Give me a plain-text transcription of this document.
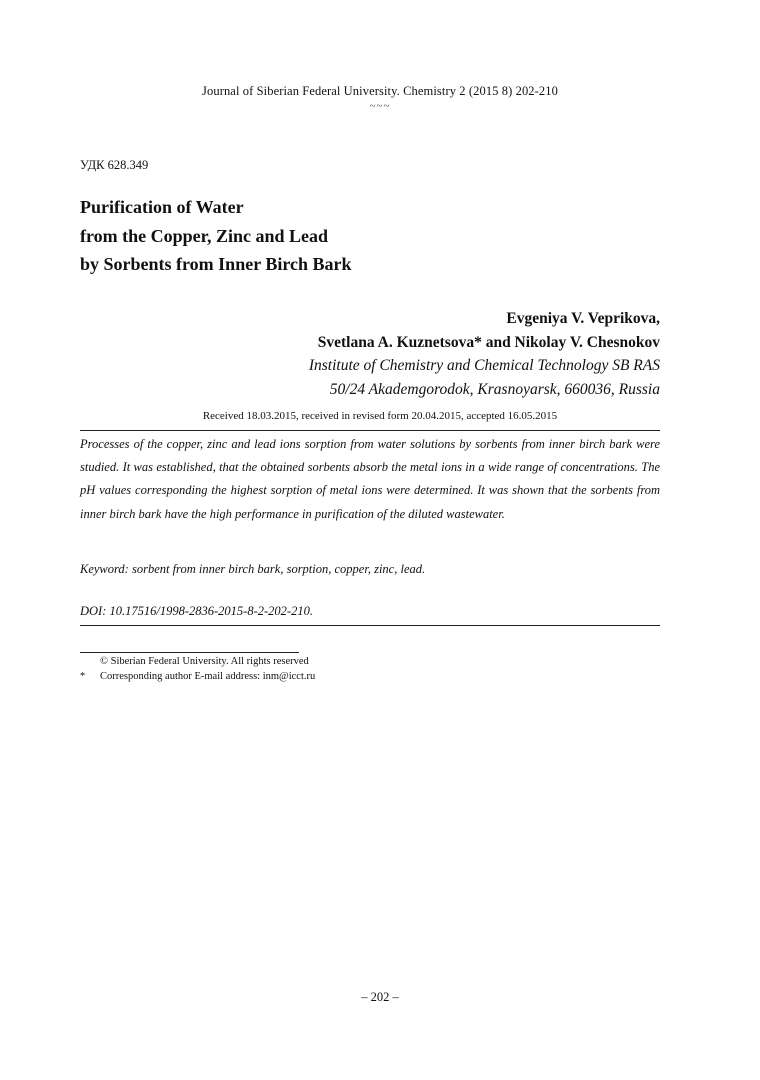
Journal of Siberian Federal University. Chemistry 2 (2015 8) 202-210
~~~
УДК 628.349
Purification of Water
from the Copper, Zinc and Lead
by Sorbents from Inner Birch Bark
Evgeniya V. Veprikova,
Svetlana A. Kuznetsova* and Nikolay V. Chesnokov
Institute of Chemistry and Chemical Technology SB RAS
50/24 Akademgorodok, Krasnoyarsk, 660036, Russia
Received 18.03.2015, received in revised form 20.04.2015, accepted 16.05.2015
Processes of the copper, zinc and lead ions sorption from water solutions by sorbents from inner birch bark were studied. It was established, that the obtained sorbents absorb the metal ions in a wide range of concentrations. The pH values corresponding the highest sorption of metal ions were determined. It was shown that the sorbents from inner birch bark have the high performance in purification of the diluted wastewater.
Keyword: sorbent from inner birch bark, sorption, copper, zinc, lead.
DOI: 10.17516/1998-2836-2015-8-2-202-210.
© Siberian Federal University. All rights reserved
* Corresponding author E-mail address: inm@icct.ru
– 202 –
